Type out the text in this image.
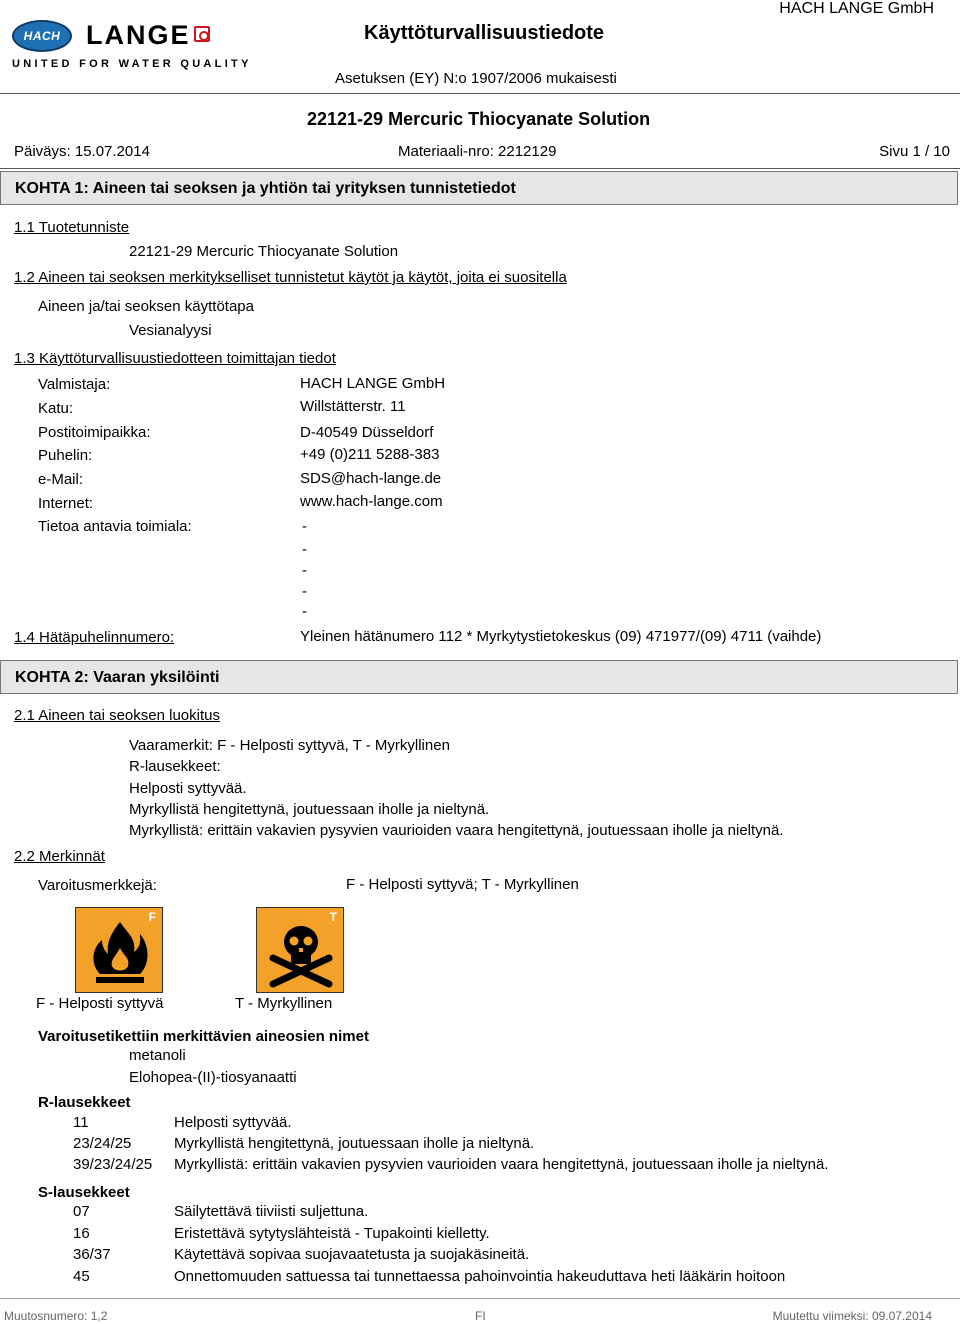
HACH LANGE
UNITED FOR WATER QUALITY
Käyttöturvallisuustiedote
HACH LANGE GmbH
Asetuksen (EY) N:o 1907/2006 mukaisesti
22121-29 Mercuric Thiocyanate Solution
Päiväys: 15.07.2014	Materiaali-nro: 2212129	Sivu 1 / 10
KOHTA 1: Aineen tai seoksen ja yhtiön tai yrityksen tunnistetiedot
1.1 Tuotetunniste
22121-29 Mercuric Thiocyanate Solution
1.2 Aineen tai seoksen merkitykselliset tunnistetut käytöt ja käytöt, joita ei suositella
Aineen ja/tai seoksen käyttötapa
Vesianalyysi
1.3 Käyttöturvallisuustiedotteen toimittajan tiedot
Valmistaja:	HACH LANGE GmbH
Katu:	Willstätterstr. 11
Postitoimipaikka:	D-40549 Düsseldorf
Puhelin:	+49 (0)211 5288-383
e-Mail:	SDS@hach-lange.de
Internet:	www.hach-lange.com
Tietoa antavia toimiala:	-
-
-
-
-
1.4 Hätäpuhelinnumero:	Yleinen hätänumero 112 * Myrkytystietokeskus (09) 471977/(09) 4711 (vaihde)
KOHTA 2: Vaaran yksilöinti
2.1 Aineen tai seoksen luokitus
Vaaramerkit: F - Helposti syttyvä, T - Myrkyllinen
R-lausekkeet:
Helposti syttyvää.
Myrkyllistä hengitettynä, joutuessaan iholle ja nieltynä.
Myrkyllistä: erittäin vakavien pysyvien vaurioiden vaara hengitettynä, joutuessaan iholle ja nieltynä.
2.2 Merkinnät
Varoitusmerkkejä:	F - Helposti syttyvä; T - Myrkyllinen
F
F - Helposti syttyvä
T
T - Myrkyllinen
Varoitusetikettiin merkittävien aineosien nimet
metanoli
Elohopea-(II)-tiosyanaatti
R-lausekkeet
11	Helposti syttyvää.
23/24/25	Myrkyllistä hengitettynä, joutuessaan iholle ja nieltynä.
39/23/24/25 Myrkyllistä: erittäin vakavien pysyvien vaurioiden vaara hengitettynä, joutuessaan iholle ja nieltynä.
S-lausekkeet
07	Säilytettävä tiiviisti suljettuna.
16	Eristettävä sytytyslähteistä - Tupakointi kielletty.
36/37	Käytettävä sopivaa suojavaatetusta ja suojakäsineitä.
45	Onnettomuuden sattuessa tai tunnettaessa pahoinvointia hakeuduttava heti lääkärin hoitoon
Muutosnumero: 1,2	FI	Muutettu viimeksi: 09.07.2014
